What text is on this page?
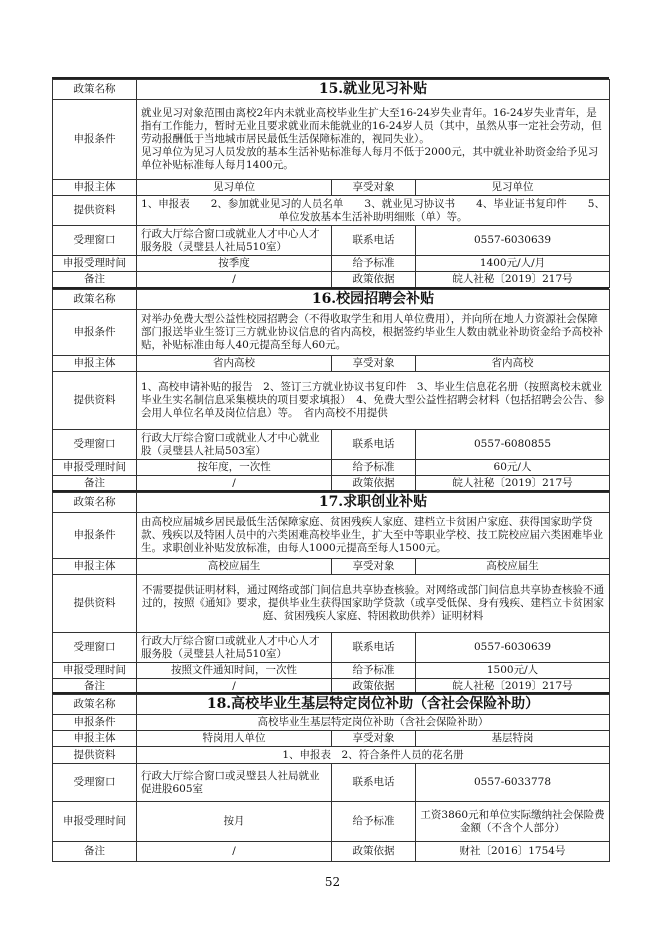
政策名称	15.就业见习补贴		
申报条件	就业见习对象范围由离校2年内未就业高校毕业生扩大至16-24岁失业青年。16-24岁失业青年，是指有工作能力，暂时无业且要求就业而未能就业的16-24岁人员（其中，虽然从事一定社会劳动，但劳动报酬低于当地城市居民最低生活保障标准的，视同失业）。
见习单位为见习人员发放的基本生活补贴标准每人每月不低于2000元，其中就业补助资金给予见习单位补贴标准每人每月1400元。		

申报主体	见习单位	享受对象	见习单位
提供资料	1、申报表　　2、参加就业见习的人员名单　　3、就业见习协议书　　4、毕业证书复印件　　5、单位发放基本生活补助明细账（单）等。		
受理窗口	行政大厅综合窗口或就业人才中心人才服务股（灵璧县人社局510室）	联系电话	0557-6030639
申报受理时间	按季度	给予标准	1400元/人/月
备注	/	政策依据	皖人社秘〔2019〕217号
政策名称	16.校园招聘会补贴		
申报条件	对举办免费大型公益性校园招聘会（不得收取学生和用人单位费用），并向所在地人力资源社会保障部门报送毕业生签订三方就业协议信息的省内高校，根据签约毕业生人数由就业补助资金给予高校补贴，补贴标准由每人40元提高至每人60元。		

申报主体	省内高校	享受对象	省内高校
提供资料	1、高校申请补贴的报告　2、签订三方就业协议书复印件　3、毕业生信息花名册（按照离校未就业毕业生实名制信息采集模块的项目要求填报）　4、免费大型公益性招聘会材料（包括招聘会公告、参会用人单位名单及岗位信息）等。　省内高校不用提供		
受理窗口	行政大厅综合窗口或就业人才中心就业股（灵璧县人社局503室）	联系电话	0557-6080855
申报受理时间	按年度，一次性	给予标准	60元/人
备注	/	政策依据	皖人社秘〔2019〕217号
政策名称	17.求职创业补贴		
申报条件	由高校应届城乡居民最低生活保障家庭、贫困残疾人家庭、建档立卡贫困户家庭、获得国家助学贷款、残疾以及特困人员中的六类困难高校毕业生，扩大至中等职业学校、技工院校应届六类困难毕业生。求职创业补贴发放标准，由每人1000元提高至每人1500元。		

申报主体	高校应届生	享受对象	高校应届生
提供资料	不需要提供证明材料，通过网络或部门间信息共享协查核验。对网络或部门间信息共享协查核验不通过的，按照《通知》要求，提供毕业生获得国家助学贷款（或享受低保、身有残疾、建档立卡贫困家庭、贫困残疾人家庭、特困救助供养）证明材料		
受理窗口	行政大厅综合窗口或就业人才中心人才服务股（灵璧县人社局510室）	联系电话	0557-6030639
申报受理时间	按照文件通知时间，一次性	给予标准	1500元/人
备注	/	政策依据	皖人社秘〔2019〕217号
政策名称	18.高校毕业生基层特定岗位补助（含社会保险补助）		
申报条件	高校毕业生基层特定岗位补助（含社会保险补助）		
申报主体	特岗用人单位	享受对象	基层特岗
提供资料	1、申报表　2、符合条件人员的花名册		
受理窗口	行政大厅综合窗口或灵璧县人社局就业促进股605室	联系电话	0557-6033778
申报受理时间	按月	给予标准	工资3860元和单位实际缴纳社会保险费金额（不含个人部分）
备注	/	政策依据	财社〔2016〕1754号
52
